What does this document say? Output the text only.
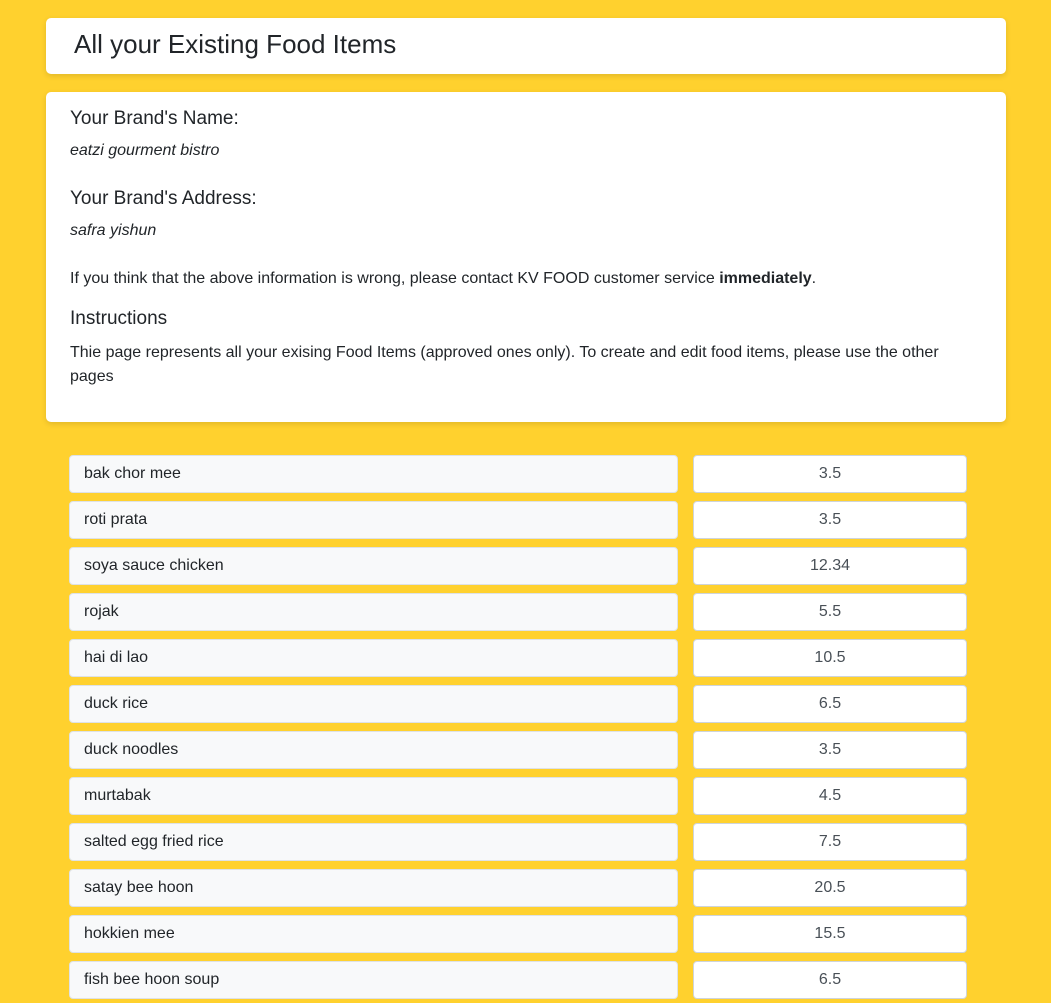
All your Existing Food Items
Your Brand's Name:
eatzi gourment bistro
Your Brand's Address:
safra yishun

If you think that the above information is wrong, please contact KV FOOD customer service immediately.

Instructions

Thie page represents all your exising Food Items (approved ones only). To create and edit food items, please use the other pages

bak chor mee	3.5
roti prata	3.5
soya sauce chicken	12.34
rojak	5.5
hai di lao	10.5
duck rice	6.5
duck noodles	3.5
murtabak	4.5
salted egg fried rice	7.5
satay bee hoon	20.5
hokkien mee	15.5
fish bee hoon soup	6.5
